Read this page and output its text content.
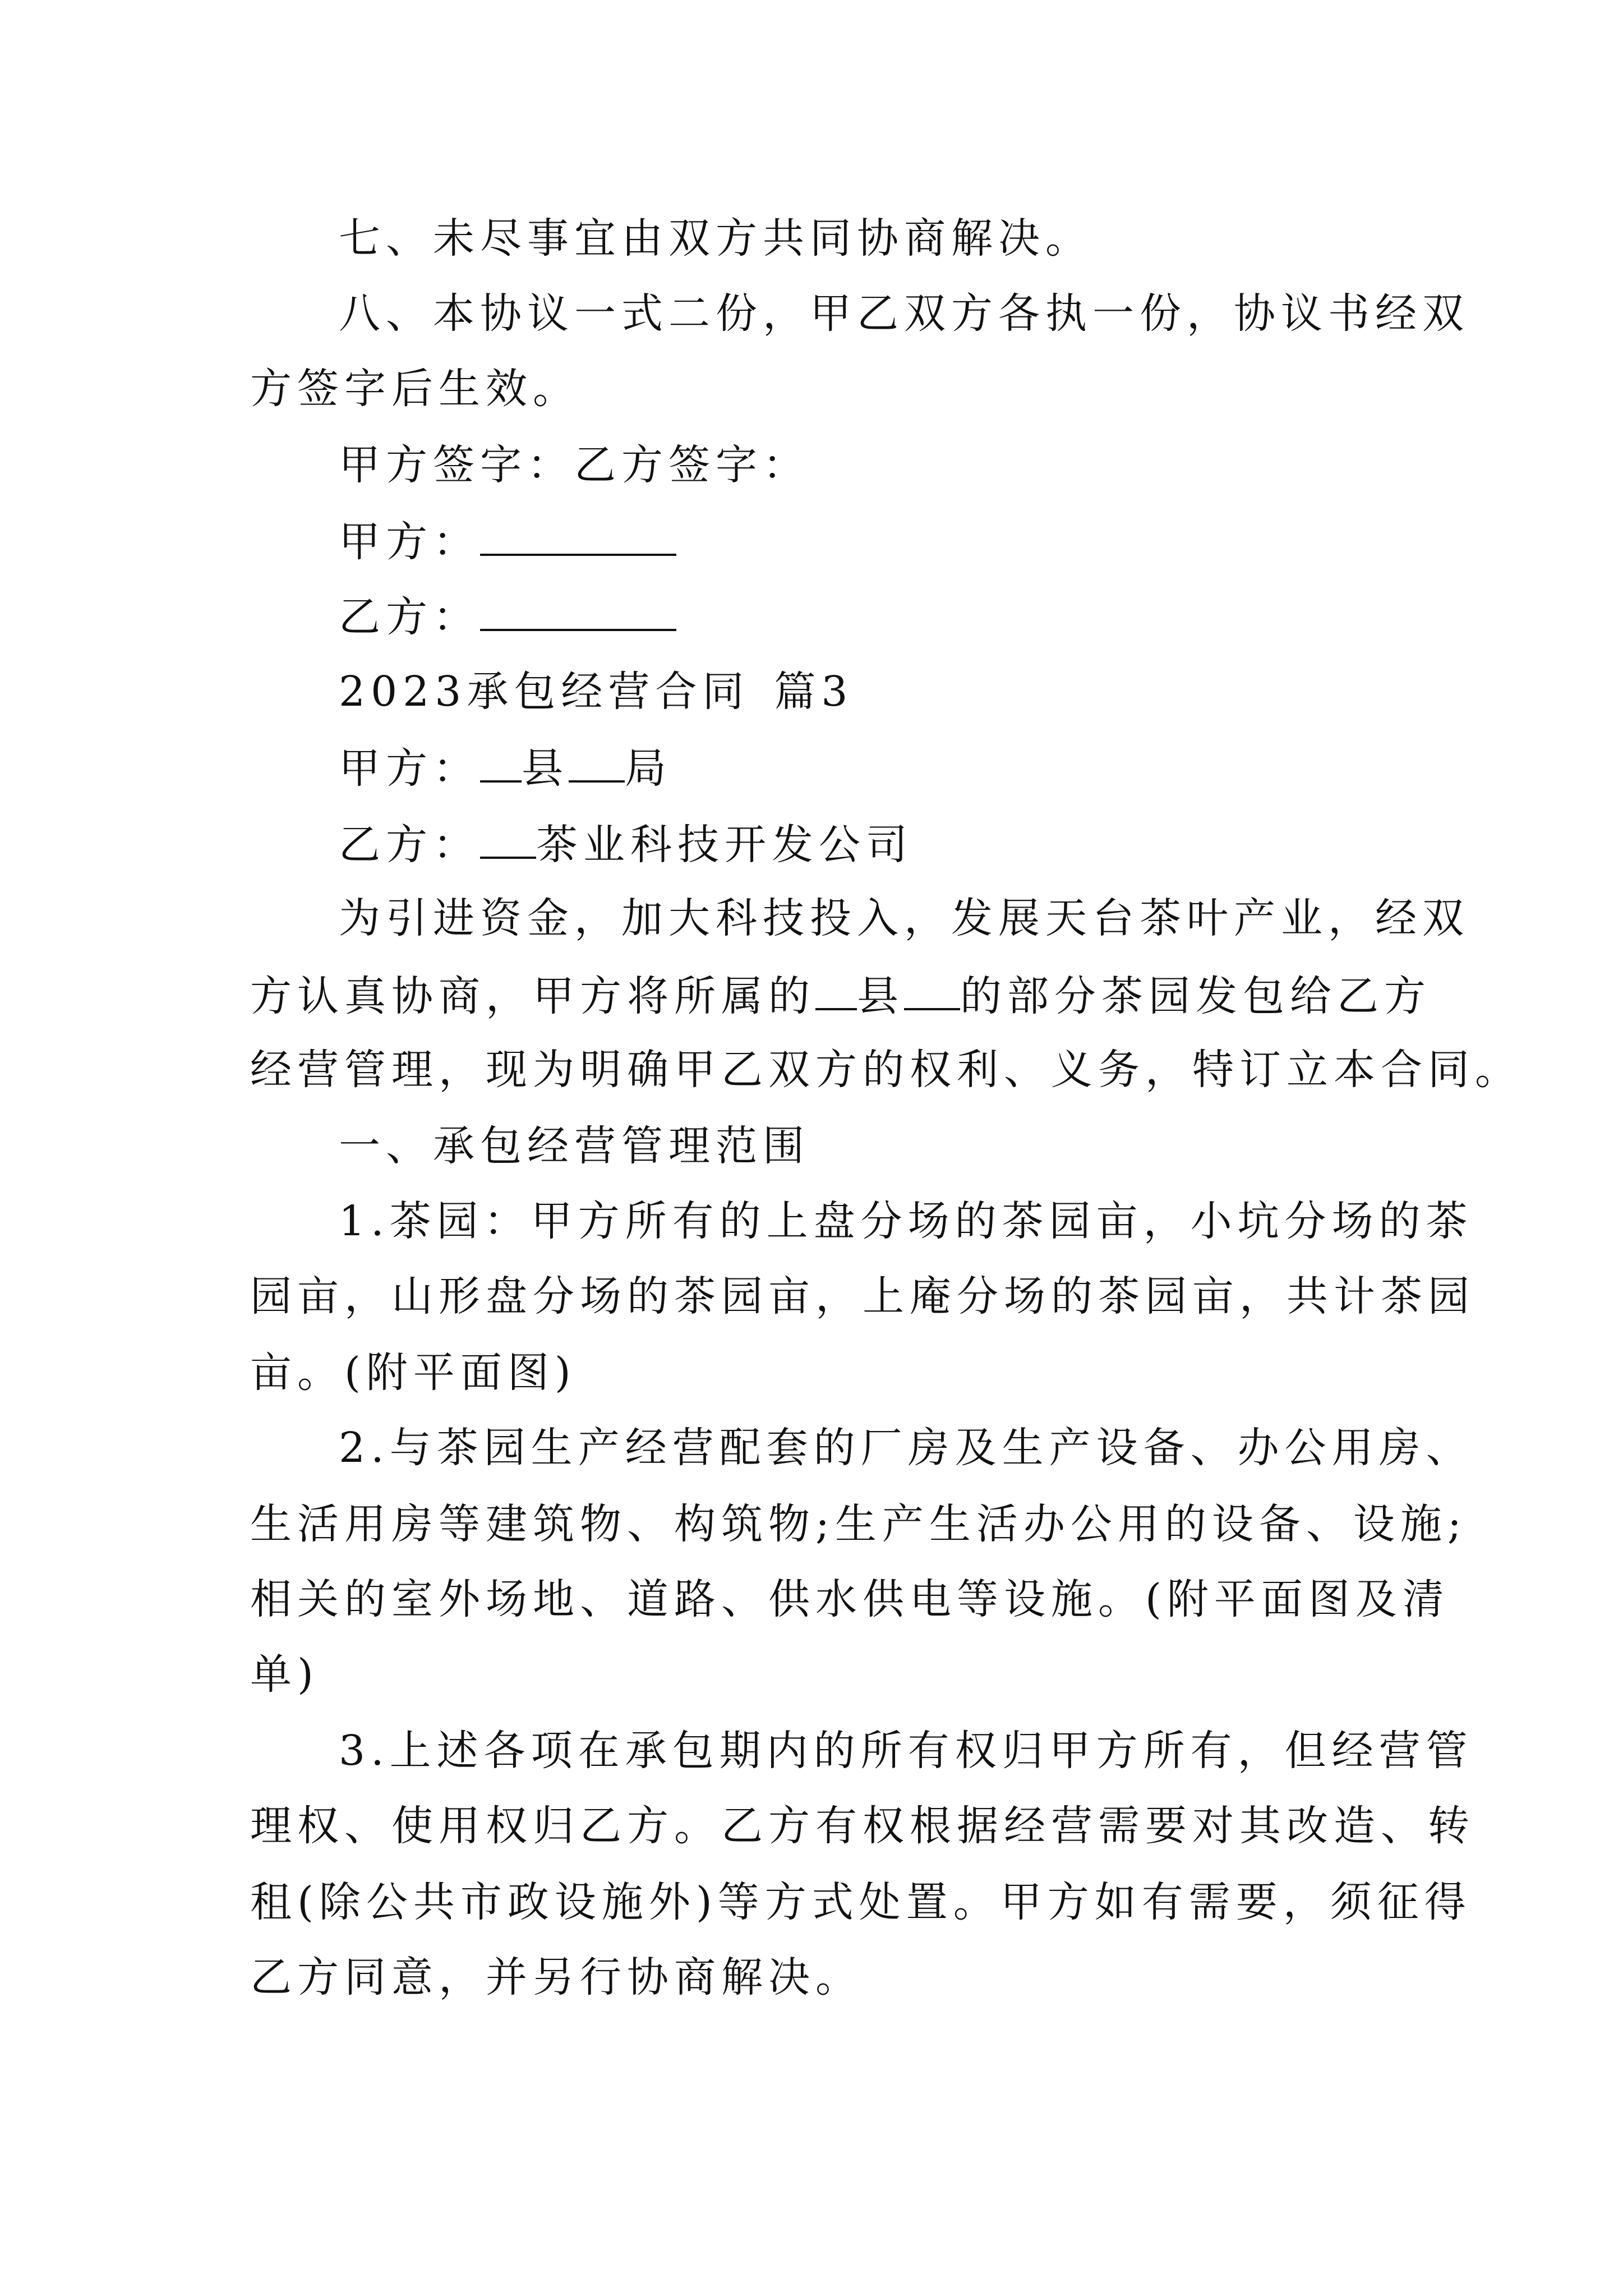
七、未尽事宜由双方共同协商解决。

八、本协议一式二份，甲乙双方各执一份，协议书经双

方签字后生效。

甲方签字：乙方签字：

甲方：

乙方：

2023承包经营合同 篇3

甲方： 县 局

乙方： 茶业科技开发公司

为引进资金，加大科技投入，发展天台茶叶产业，经双

方认真协商，甲方将所属的 县 的部分茶园发包给乙方

经营管理，现为明确甲乙双方的权利、义务，特订立本合同。

一、承包经营管理范围

1.茶园：甲方所有的上盘分场的茶园亩，小坑分场的茶

园亩，山形盘分场的茶园亩，上庵分场的茶园亩，共计茶园

亩。(附平面图)

2.与茶园生产经营配套的厂房及生产设备、办公用房、

生活用房等建筑物、构筑物;生产生活办公用的设备、设施;

相关的室外场地、道路、供水供电等设施。(附平面图及清

单)

3.上述各项在承包期内的所有权归甲方所有，但经营管

理权、使用权归乙方。乙方有权根据经营需要对其改造、转

租(除公共市政设施外)等方式处置。甲方如有需要，须征得

乙方同意，并另行协商解决。
